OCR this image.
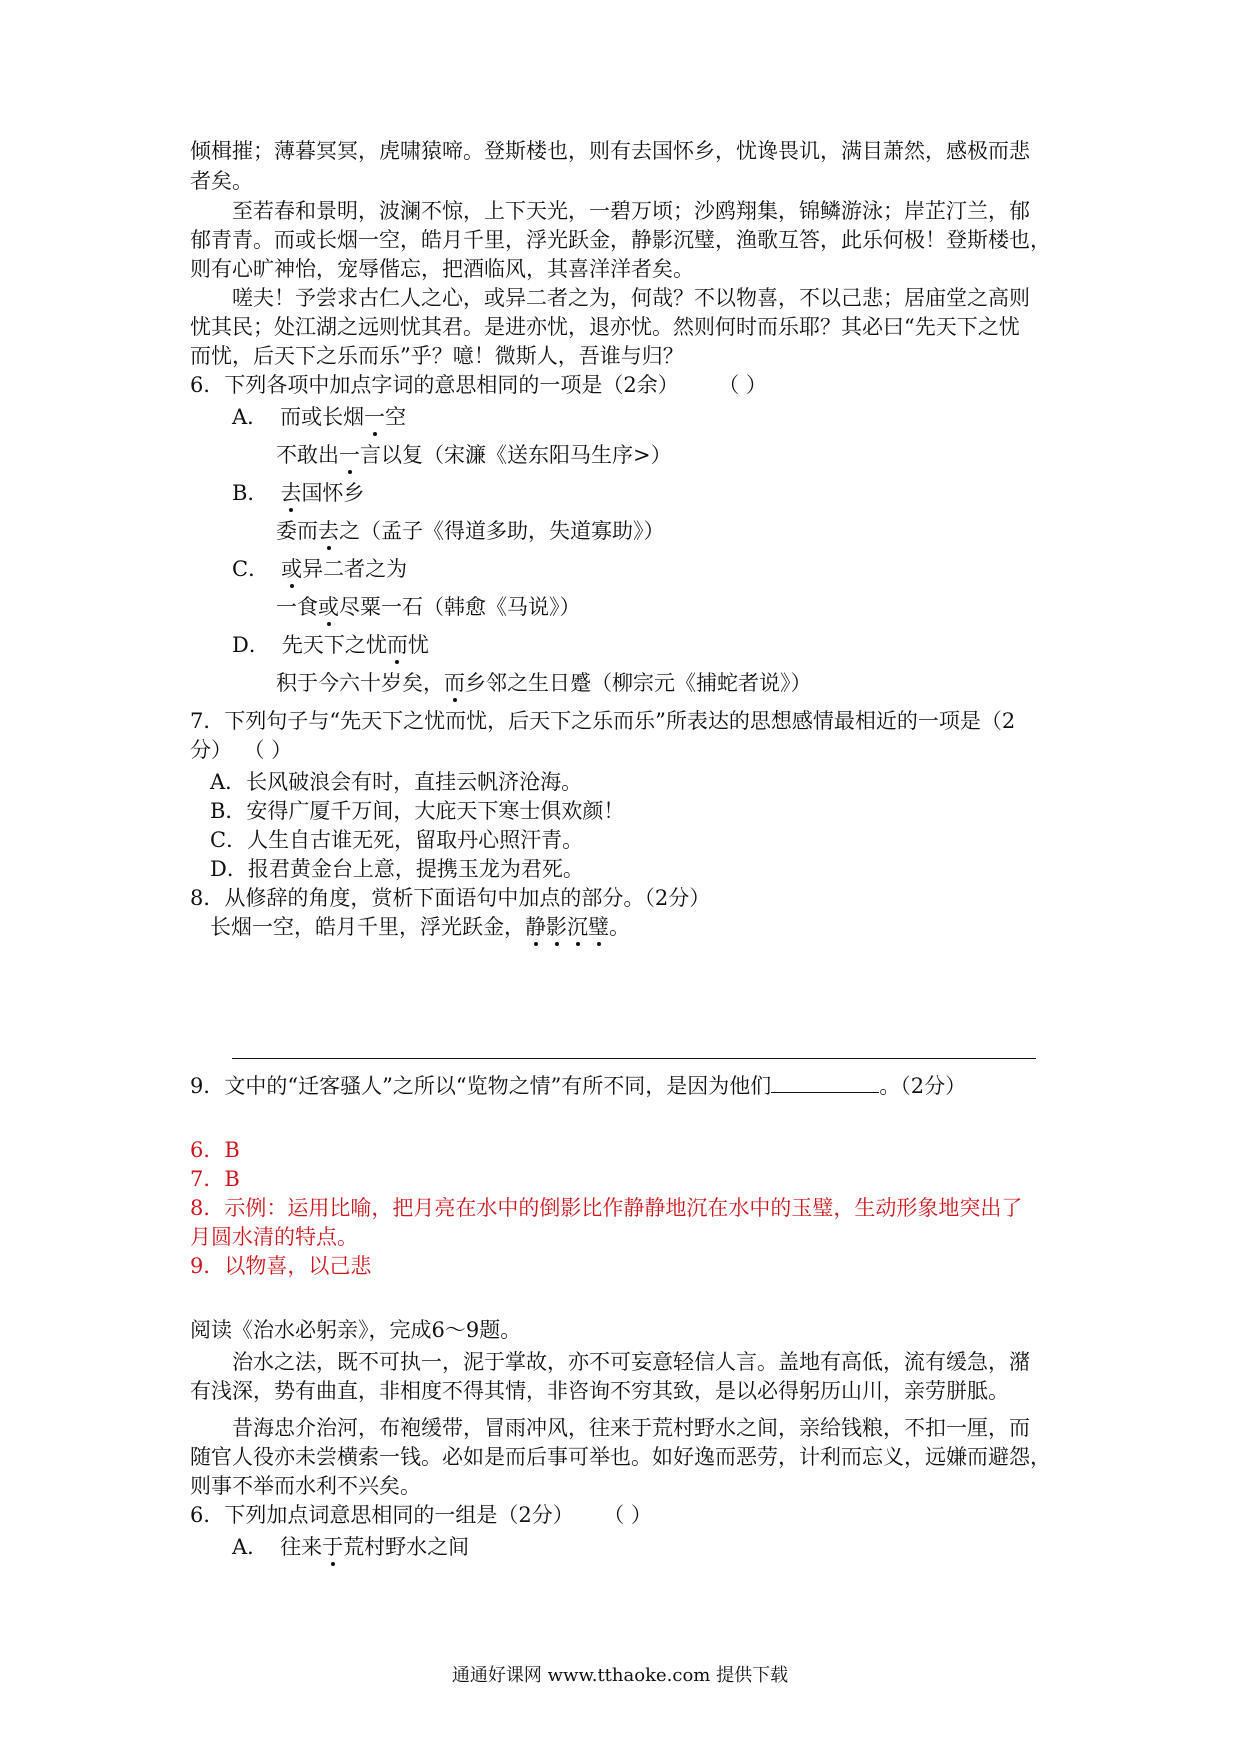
倾楫摧；薄暮冥冥，虎啸猿啼。登斯楼也，则有去国怀乡，忧谗畏讥，满目萧然，感极而悲
者矣。
至若春和景明，波澜不惊，上下天光，一碧万顷；沙鸥翔集，锦鳞游泳；岸芷汀兰，郁
郁青青。而或长烟一空，皓月千里，浮光跃金，静影沉璧，渔歌互答，此乐何极！登斯楼也，
则有心旷神怡，宠辱偕忘，把酒临风，其喜洋洋者矣。
嗟夫！予尝求古仁人之心，或异二者之为，何哉？不以物喜，不以己悲；居庙堂之高则
忧其民；处江湖之远则忧其君。是进亦忧，退亦忧。然则何时而乐耶？其必曰“先天下之忧
而忧，后天下之乐而乐”乎？噫！微斯人，吾谁与归？
6．下列各项中加点字词的意思相同的一项是（2余） （ ）
A． 而或长烟一空
不敢出一言以复（宋濂《送东阳马生序>）
B． 去国怀乡
委而去之（孟子《得道多助，失道寡助》）
C． 或异二者之为
一食或尽粟一石（韩愈《马说》）
D． 先天下之忧而忧
积于今六十岁矣，而乡邻之生日蹙（柳宗元《捕蛇者说》）
7．下列句子与“先天下之忧而忧，后天下之乐而乐”所表达的思想感情最相近的一项是（2
分） （ ）
A．长风破浪会有时，直挂云帆济沧海。
B．安得广厦千万间，大庇天下寒士俱欢颜！
C．人生自古谁无死，留取丹心照汗青。
D．报君黄金台上意，提携玉龙为君死。
8．从修辞的角度，赏析下面语句中加点的部分。（2分）
长烟一空，皓月千里，浮光跃金，静影沉璧。
9．文中的“迁客骚人”之所以“览物之情”有所不同，是因为他们	。（2分）
6．B
7．B
8．示例：运用比喻，把月亮在水中的倒影比作静静地沉在水中的玉璧，生动形象地突出了
月圆水清的特点。
9．以物喜，以己悲
阅读《治水必躬亲》，完成6～9题。
治水之法，既不可执一，泥于掌故，亦不可妄意轻信人言。盖地有高低，流有缓急，潴
有浅深，势有曲直，非相度不得其情，非咨询不穷其致，是以必得躬历山川，亲劳胼胝。
昔海忠介治河，布袍缓带，冒雨冲风，往来于荒村野水之间，亲给钱粮，不扣一厘，而
随官人役亦未尝横索一钱。必如是而后事可举也。如好逸而恶劳，计利而忘义，远嫌而避怨，
则事不举而水利不兴矣。
6．下列加点词意思相同的一组是（2分） （ ）
A． 往来于荒村野水之间
通通好课网 www.tthaoke.com 提供下载
